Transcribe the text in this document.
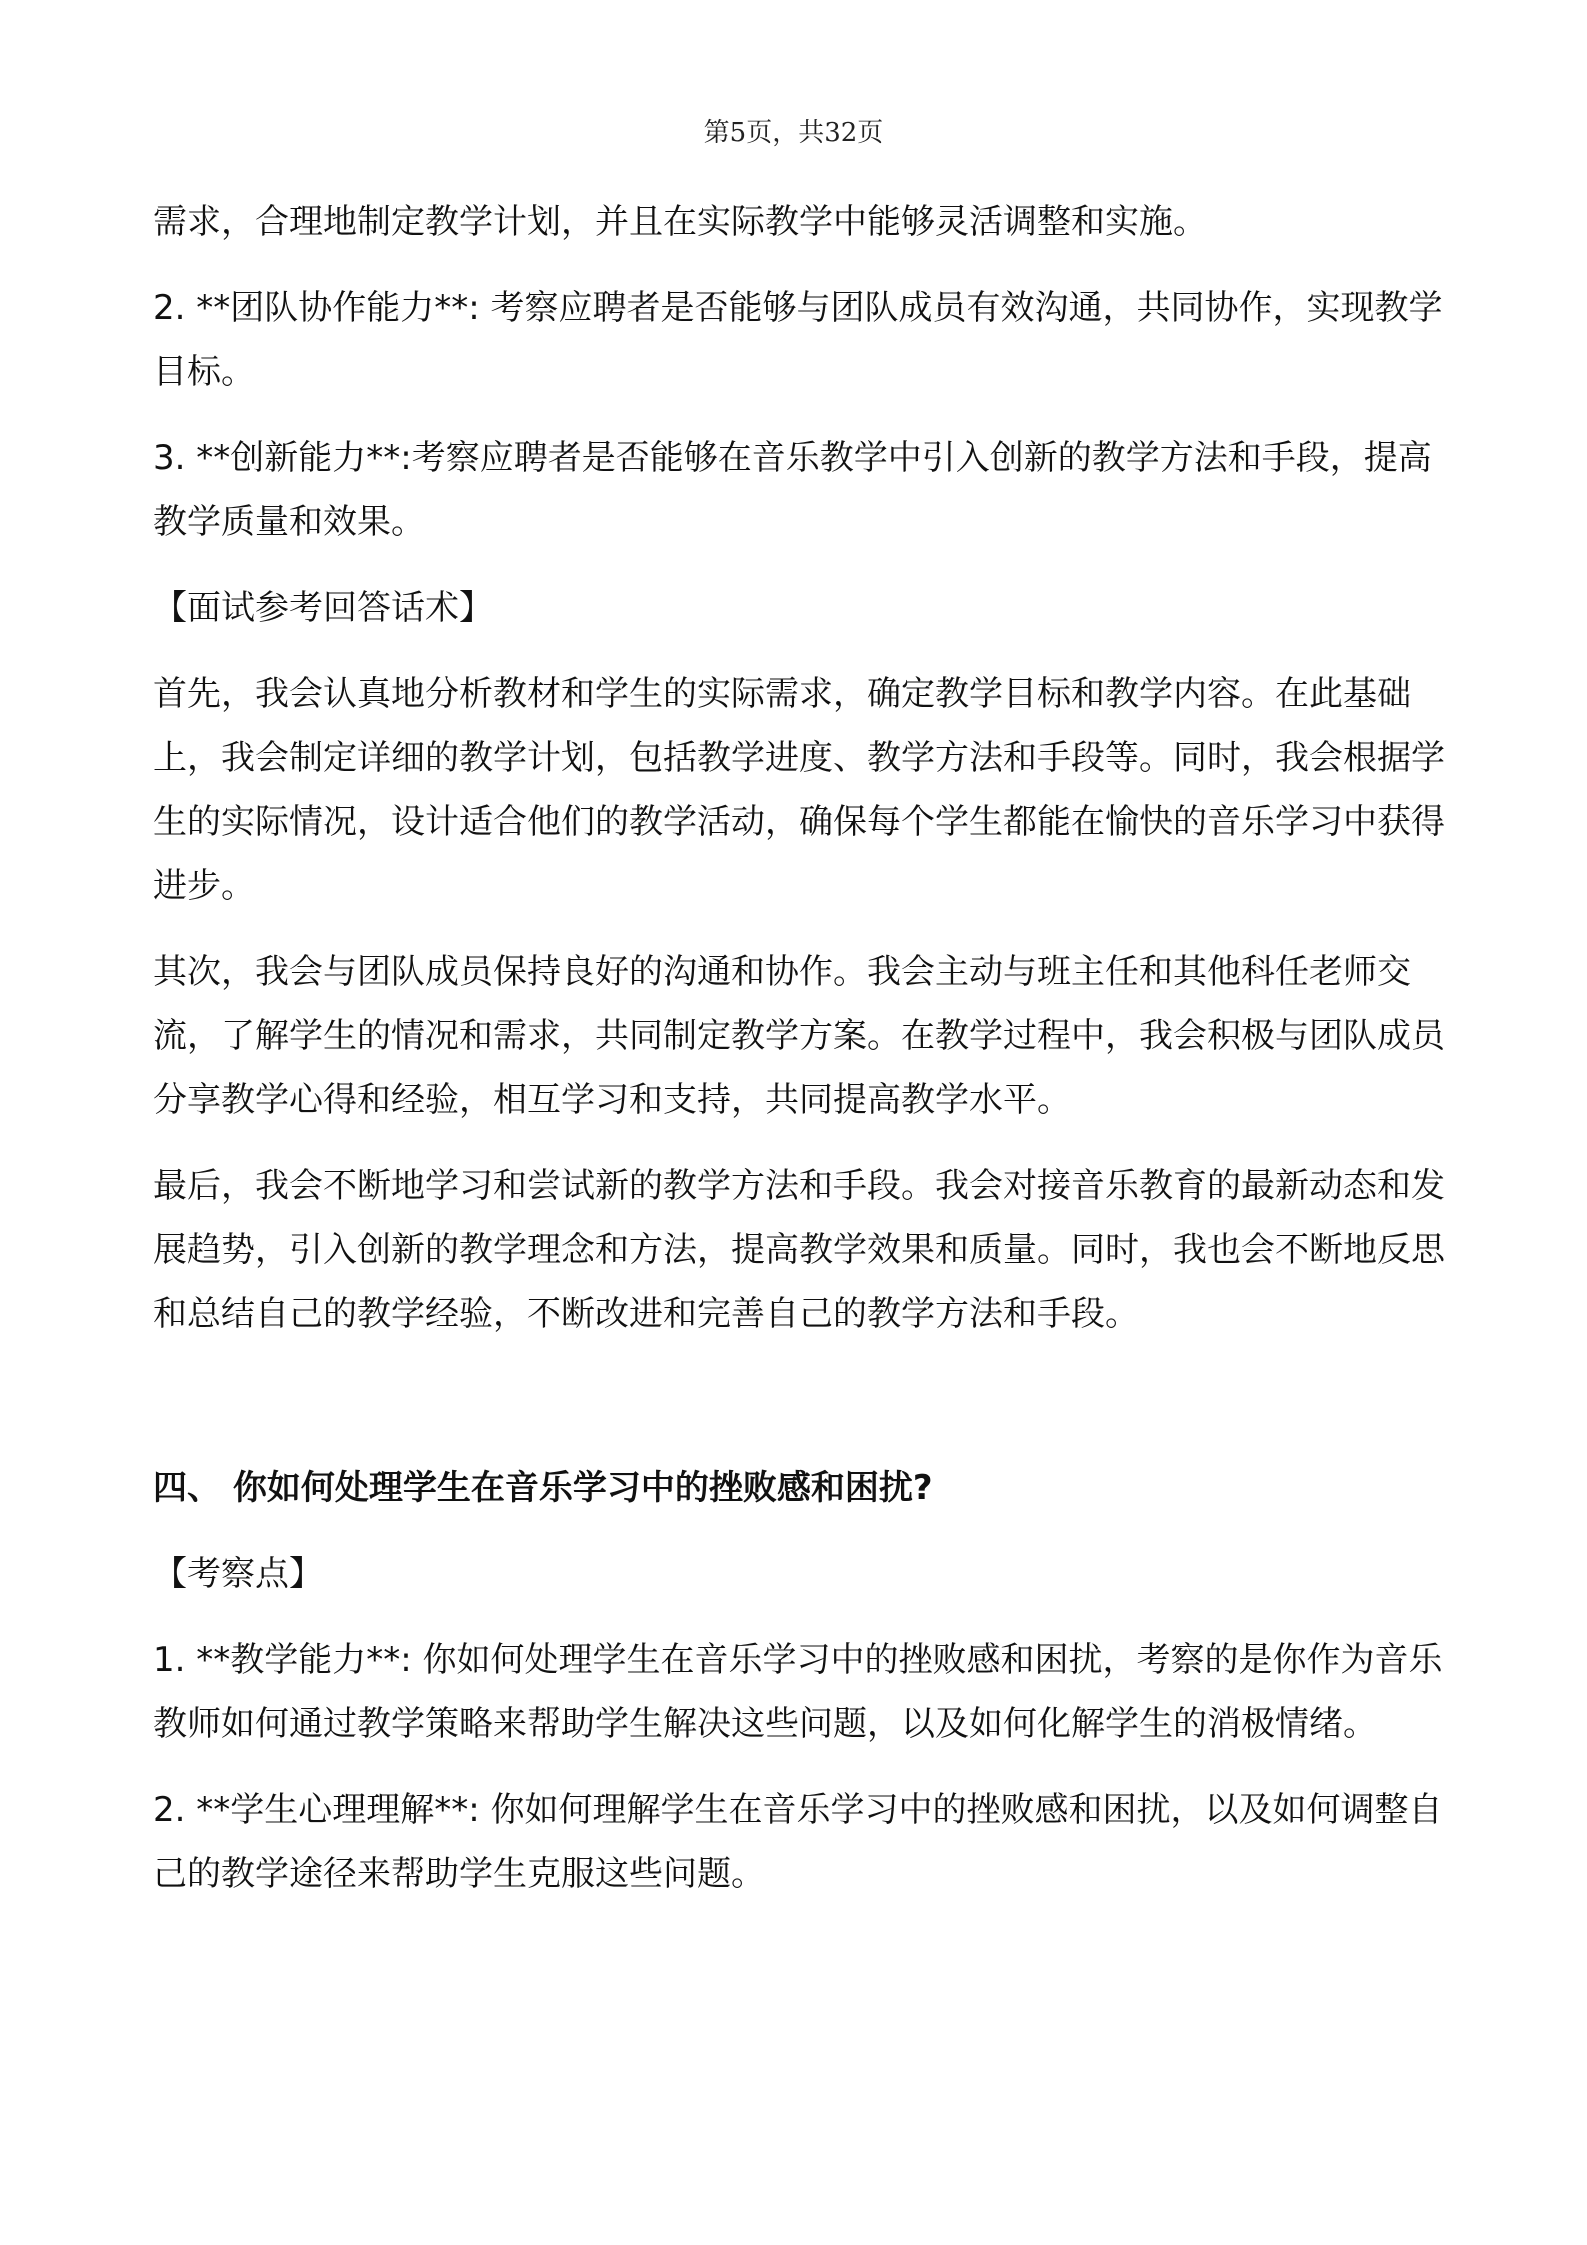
第5页，共32页

需求，合理地制定教学计划，并且在实际教学中能够灵活调整和实施。

2. **团队协作能力**: 考察应聘者是否能够与团队成员有效沟通，共同协作，实现教学目标。

3. **创新能力**:考察应聘者是否能够在音乐教学中引入创新的教学方法和手段，提高教学质量和效果。

【面试参考回答话术】

首先，我会认真地分析教材和学生的实际需求，确定教学目标和教学内容。在此基础上，我会制定详细的教学计划，包括教学进度、教学方法和手段等。同时，我会根据学生的实际情况，设计适合他们的教学活动，确保每个学生都能在愉快的音乐学习中获得进步。

其次，我会与团队成员保持良好的沟通和协作。我会主动与班主任和其他科任老师交流，了解学生的情况和需求，共同制定教学方案。在教学过程中，我会积极与团队成员分享教学心得和经验，相互学习和支持，共同提高教学水平。

最后，我会不断地学习和尝试新的教学方法和手段。我会对接音乐教育的最新动态和发展趋势，引入创新的教学理念和方法，提高教学效果和质量。同时，我也会不断地反思和总结自己的教学经验，不断改进和完善自己的教学方法和手段。

四、 你如何处理学生在音乐学习中的挫败感和困扰?

【考察点】

1. **教学能力**: 你如何处理学生在音乐学习中的挫败感和困扰，考察的是你作为音乐教师如何通过教学策略来帮助学生解决这些问题，以及如何化解学生的消极情绪。

2. **学生心理理解**: 你如何理解学生在音乐学习中的挫败感和困扰，以及如何调整自己的教学途径来帮助学生克服这些问题。
